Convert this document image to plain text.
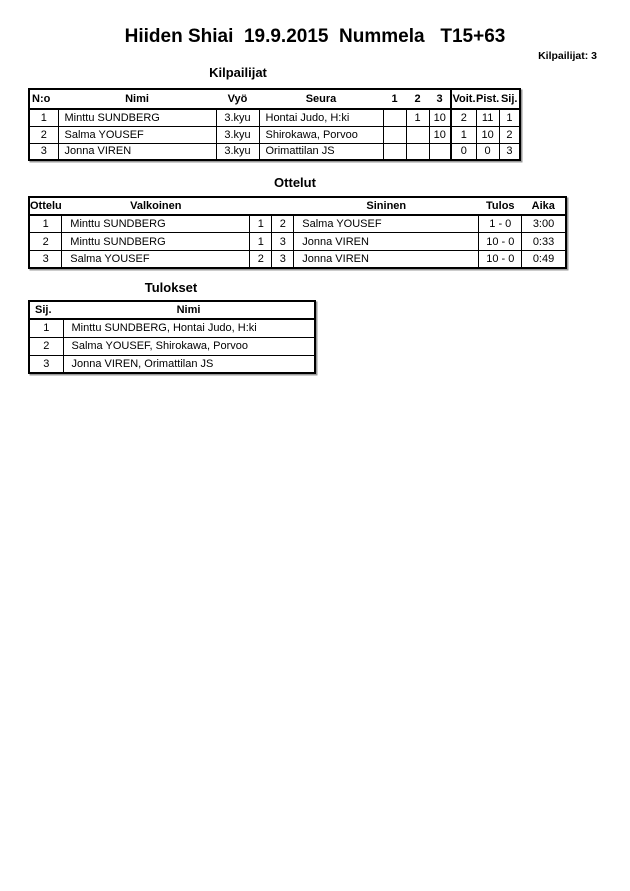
Hiiden Shiai  19.9.2015  Nummela   T15+63
Kilpailijat: 3
Kilpailijat
N:o	Nimi	Vyö	Seura	1	2	3	Voit.	Pist.	Sij.
1	Minttu SUNDBERG	3.kyu	Hontai Judo, H:ki		1	10	2	11	1
2	Salma YOUSEF	3.kyu	Shirokawa, Porvoo			10	1	10	2
3	Jonna VIREN	3.kyu	Orimattilan JS				0	0	3
Ottelut
Ottelu	Valkoinen			Sininen	Tulos	Aika
1	Minttu SUNDBERG	1	2	Salma YOUSEF	1 - 0	3:00
2	Minttu SUNDBERG	1	3	Jonna VIREN	10 - 0	0:33
3	Salma YOUSEF	2	3	Jonna VIREN	10 - 0	0:49
Tulokset
Sij.	Nimi
1	Minttu SUNDBERG, Hontai Judo, H:ki
2	Salma YOUSEF, Shirokawa, Porvoo
3	Jonna VIREN, Orimattilan JS
